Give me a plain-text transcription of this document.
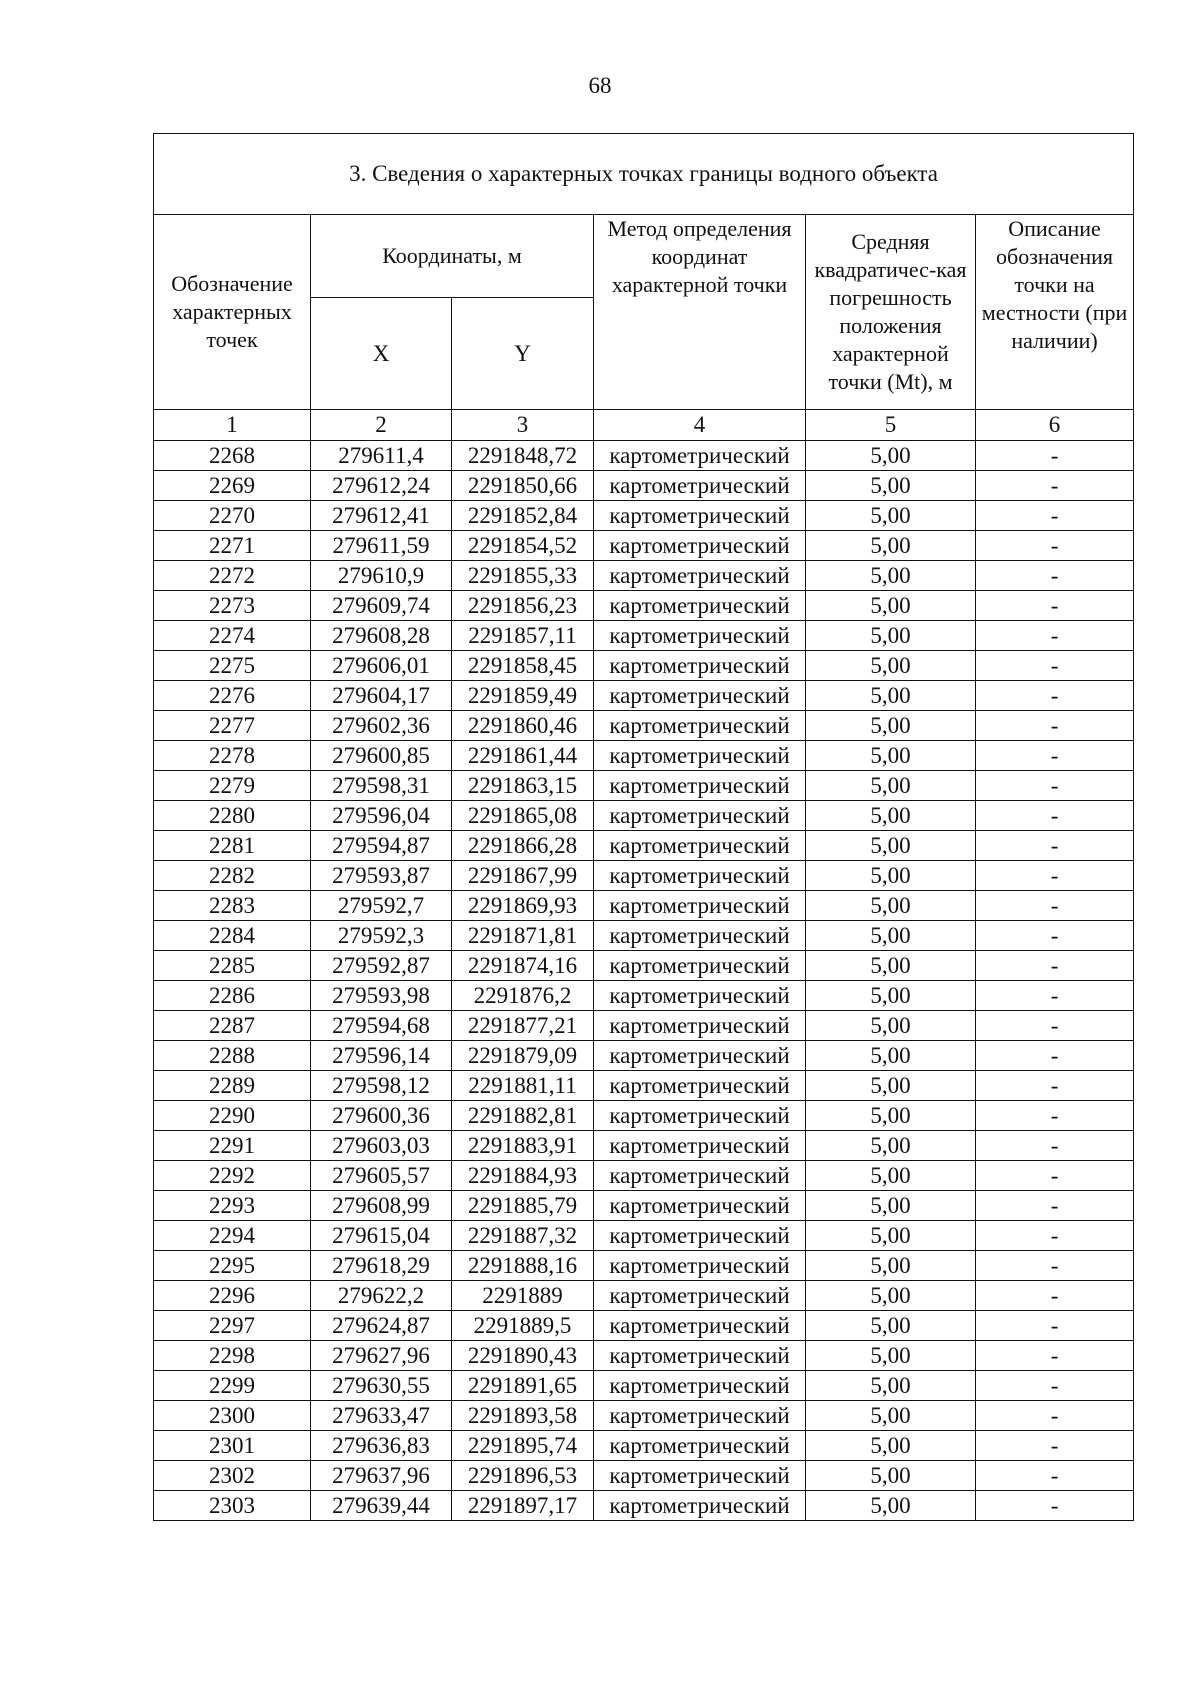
68
3. Сведения о характерных точках границы водного объекта					
Обозначение характерных точек	Координаты, м		Метод определения координат характерной точки	Средняя квадратичес-кая погрешность положения характерной точки (Mt), м	Описание обозначения точки на местности (при наличии)
	X	Y			
1	2	3	4	5	6
2268	279611,4	2291848,72	картометрический	5,00	-
2269	279612,24	2291850,66	картометрический	5,00	-
2270	279612,41	2291852,84	картометрический	5,00	-
2271	279611,59	2291854,52	картометрический	5,00	-
2272	279610,9	2291855,33	картометрический	5,00	-
2273	279609,74	2291856,23	картометрический	5,00	-
2274	279608,28	2291857,11	картометрический	5,00	-
2275	279606,01	2291858,45	картометрический	5,00	-
2276	279604,17	2291859,49	картометрический	5,00	-
2277	279602,36	2291860,46	картометрический	5,00	-
2278	279600,85	2291861,44	картометрический	5,00	-
2279	279598,31	2291863,15	картометрический	5,00	-
2280	279596,04	2291865,08	картометрический	5,00	-
2281	279594,87	2291866,28	картометрический	5,00	-
2282	279593,87	2291867,99	картометрический	5,00	-
2283	279592,7	2291869,93	картометрический	5,00	-
2284	279592,3	2291871,81	картометрический	5,00	-
2285	279592,87	2291874,16	картометрический	5,00	-
2286	279593,98	2291876,2	картометрический	5,00	-
2287	279594,68	2291877,21	картометрический	5,00	-
2288	279596,14	2291879,09	картометрический	5,00	-
2289	279598,12	2291881,11	картометрический	5,00	-
2290	279600,36	2291882,81	картометрический	5,00	-
2291	279603,03	2291883,91	картометрический	5,00	-
2292	279605,57	2291884,93	картометрический	5,00	-
2293	279608,99	2291885,79	картометрический	5,00	-
2294	279615,04	2291887,32	картометрический	5,00	-
2295	279618,29	2291888,16	картометрический	5,00	-
2296	279622,2	2291889	картометрический	5,00	-
2297	279624,87	2291889,5	картометрический	5,00	-
2298	279627,96	2291890,43	картометрический	5,00	-
2299	279630,55	2291891,65	картометрический	5,00	-
2300	279633,47	2291893,58	картометрический	5,00	-
2301	279636,83	2291895,74	картометрический	5,00	-
2302	279637,96	2291896,53	картометрический	5,00	-
2303	279639,44	2291897,17	картометрический	5,00	-
